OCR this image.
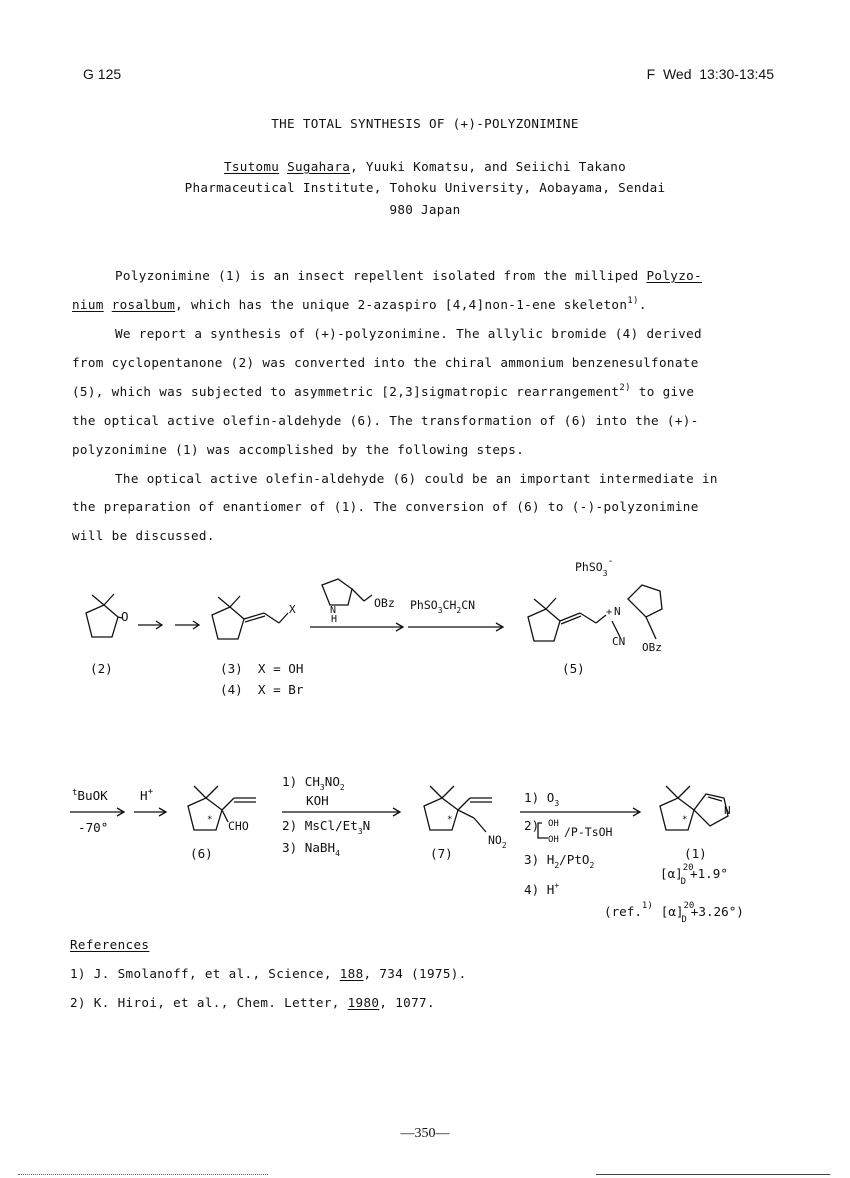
G 125	F  Wed  13:30-13:45
THE TOTAL SYNTHESIS OF (+)-POLYZONIMINE
Tsutomu Sugahara, Yuuki Komatsu, and Seiichi Takano
Pharmaceutical Institute, Tohoku University, Aobayama, Sendai
980 Japan
Polyzonimine (1) is an insect repellent isolated from the milliped Polyzo-
nium rosalbum, which has the unique 2-azaspiro [4,4]non-1-ene skeleton$^{1)}$.
We report a synthesis of (+)-polyzonimine. The allylic bromide (4) derived
from cyclopentanone (2) was converted into the chiral ammonium benzenesulfonate
(5), which was subjected to asymmetric [2,3]sigmatropic rearrangement$^{2)}$ to give
the optical active olefin-aldehyde (6). The transformation of (6) into the (+)-
polyzonimine (1) was accomplished by the following steps.
The optical active olefin-aldehyde (6) could be an important intermediate in
the preparation of enantiomer of (1). The conversion of (6) to (-)-polyzonimine
will be discussed.
O	X	N
H
OBz $PhSO_3CH_2CN$
PhSO$_3$-
+ N
CN OBz
(2)	(3)  X = OH
(4)  X = Br
(5)
$^t$BuOK
-70°
H+
* CHO
(6)
1) $CH_3NO_2$
KOH
2) MsCl/$Et_3N$
3) NaBH$_4$
*
$NO_2$
(7)
1) $O_3$
2) OH
OH
/P-TsOH
3) $H_2/PtO_2$
4) H+
*
N
(1)
$[\alpha]^{20}$ D+1.9°
(ref.$^{1)}$ $[\alpha]^{20}$ D+3.26°)
References
1) J. Smolanoff, et al., Science, 188, 734 (1975).
2) K. Hiroi, et al., Chem. Letter, 1980, 1077.
—350—
